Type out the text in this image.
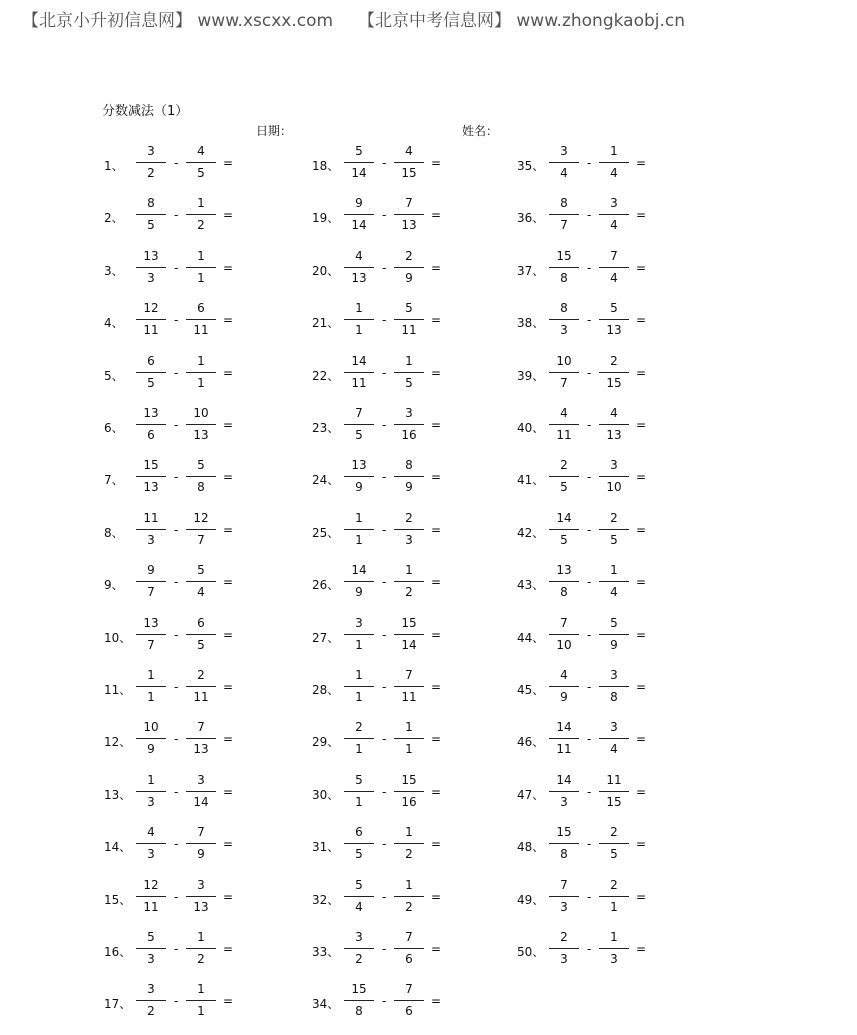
【北京小升初信息网】 www.xscxx.com 【北京中考信息网】 www.zhongkaobj.cn
分数减法（1）
日期：	姓名：
1、
3
2
-
4
5
=
2、
8
5
-
1
2
=
3、
13
3
-
1
1
=
4、
12
11
-
6
11
=
5、
6
5
-
1
1
=
6、
13
6
-
10
13
=
7、
15
13
-
5
8
=
8、
11
3
-
12
7
=
9、
9
7
-
5
4
=
10、
13
7
-
6
5
=
11、
1
1
-
2
11
=
12、
10
9
-
7
13
=
13、
1
3
-
3
14
=
14、
4
3
-
7
9
=
15、
12
11
-
3
13
=
16、
5
3
-
1
2
=
17、
3
2
-
1
1
=
18、
5
14
-
4
15
=
19、
9
14
-
7
13
=
20、
4
13
-
2
9
=
21、
1
1
-
5
11
=
22、
14
11
-
1
5
=
23、
7
5
-
3
16
=
24、
13
9
-
8
9
=
25、
1
1
-
2
3
=
26、
14
9
-
1
2
=
27、
3
1
-
15
14
=
28、
1
1
-
7
11
=
29、
2
1
-
1
1
=
30、
5
1
-
15
16
=
31、
6
5
-
1
2
=
32、
5
4
-
1
2
=
33、
3
2
-
7
6
=
34、
15
8
-
7
6
=
35、
3
4
-
1
4
=
36、
8
7
-
3
4
=
37、
15
8
-
7
4
=
38、
8
3
-
5
13
=
39、
10
7
-
2
15
=
40、
4
11
-
4
13
=
41、
2
5
-
3
10
=
42、
14
5
-
2
5
=
43、
13
8
-
1
4
=
44、
7
10
-
5
9
=
45、
4
9
-
3
8
=
46、
14
11
-
3
4
=
47、
14
3
-
11
15
=
48、
15
8
-
2
5
=
49、
7
3
-
2
1
=
50、
2
3
-
1
3
=
